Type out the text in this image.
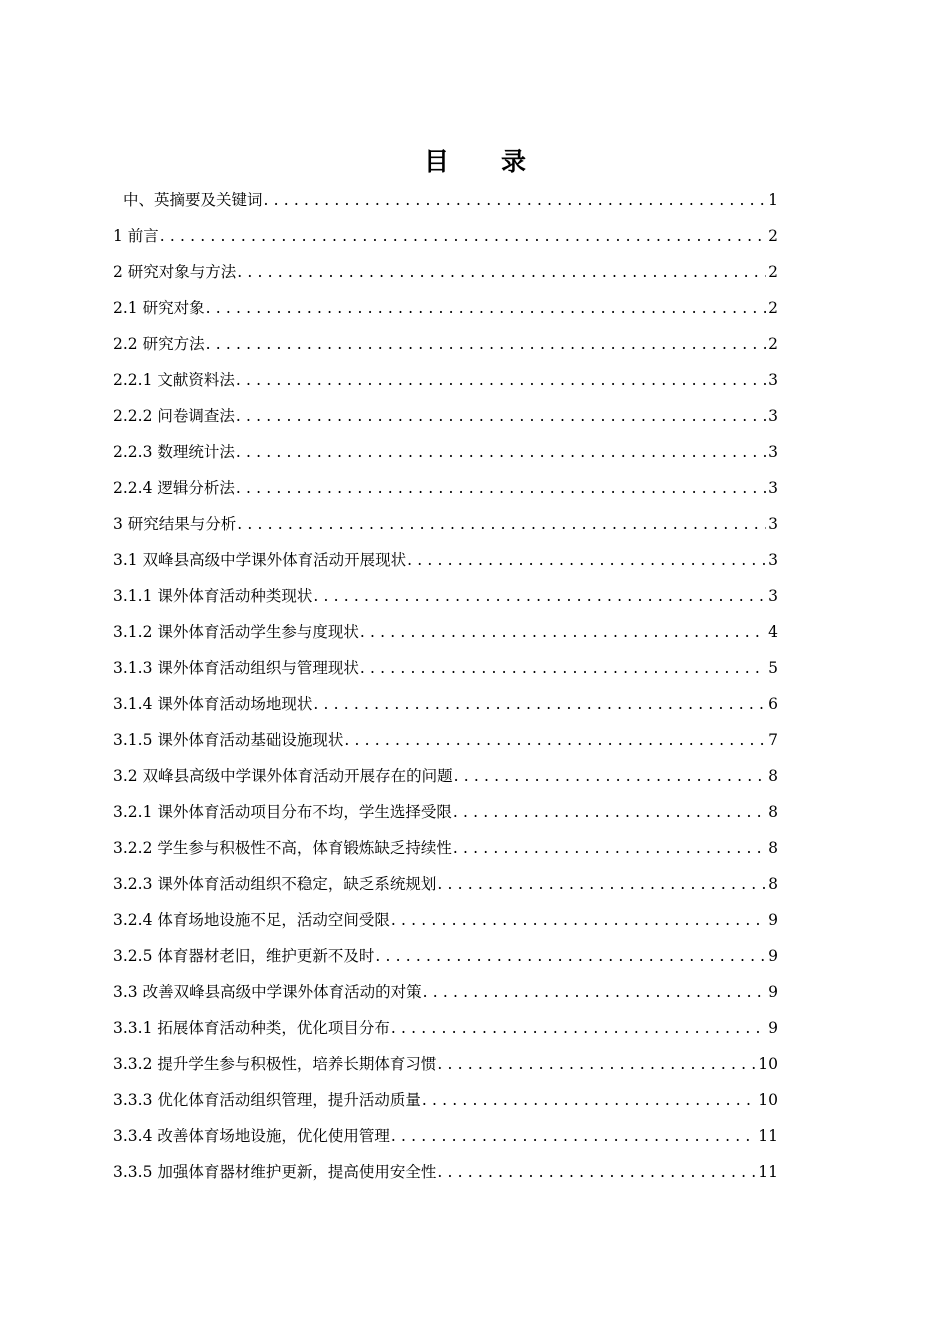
目录
中、英摘要及关键词 .....	1
1 前言 .....	2
2 研究对象与方法 .....	2
2.1 研究对象 .....	2
2.2 研究方法 .....	2
2.2.1 文献资料法 .....	3
2.2.2 问卷调查法 .....	3
2.2.3 数理统计法 .....	3
2.2.4 逻辑分析法 .....	3
3 研究结果与分析 .....	3
3.1 双峰县高级中学课外体育活动开展现状 .....	3
3.1.1 课外体育活动种类现状 .....	3
3.1.2 课外体育活动学生参与度现状 .....	4
3.1.3 课外体育活动组织与管理现状 .....	5
3.1.4 课外体育活动场地现状 .....	6
3.1.5 课外体育活动基础设施现状 .....	7
3.2 双峰县高级中学课外体育活动开展存在的问题 .....	8
3.2.1 课外体育活动项目分布不均，学生选择受限 .....	8
3.2.2 学生参与积极性不高，体育锻炼缺乏持续性 .....	8
3.2.3 课外体育活动组织不稳定，缺乏系统规划 .....	8
3.2.4 体育场地设施不足，活动空间受限 .....	9
3.2.5 体育器材老旧，维护更新不及时 .....	9
3.3 改善双峰县高级中学课外体育活动的对策 .....	9
3.3.1 拓展体育活动种类，优化项目分布 .....	9
3.3.2 提升学生参与积极性，培养长期体育习惯 .....	10
3.3.3 优化体育活动组织管理，提升活动质量 .....	10
3.3.4 改善体育场地设施，优化使用管理 .....	11
3.3.5 加强体育器材维护更新，提高使用安全性 .....	11
